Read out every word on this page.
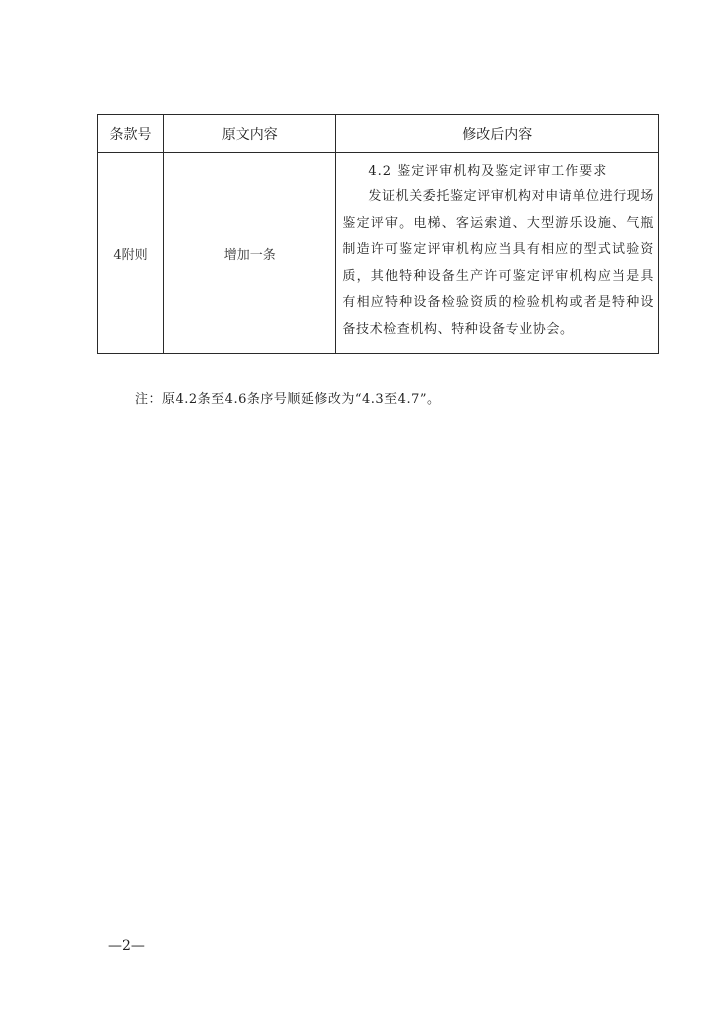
条款号	原文内容	修改后内容
4附则	增加一条	4.2 鉴定评审机构及鉴定评审工作要求

发证机关委托鉴定评审机构对申请单位进行现场鉴定评审。电梯、客运索道、大型游乐设施、气瓶制造许可鉴定评审机构应当具有相应的型式试验资质，其他特种设备生产许可鉴定评审机构应当是具有相应特种设备检验资质的检验机构或者是特种设备技术检查机构、特种设备专业协会。

注：原4.2条至4.6条序号顺延修改为“4.3至4.7”。
—2—
